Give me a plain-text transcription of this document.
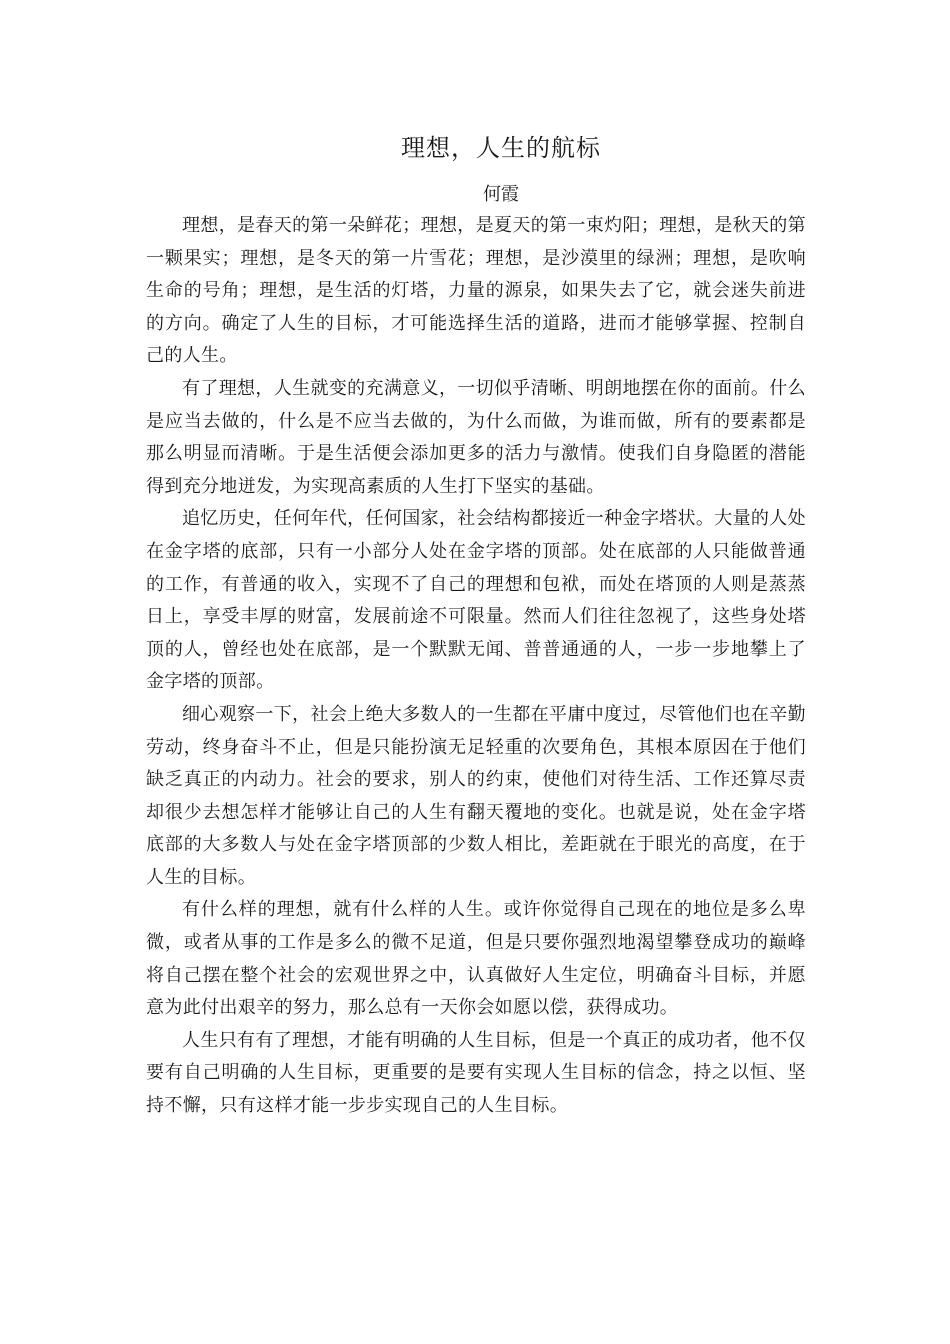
理想，人生的航标
何霞

理想，是春天的第一朵鲜花；理想，是夏天的第一束灼阳；理想，是秋天的第一颗果实；理想，是冬天的第一片雪花；理想，是沙漠里的绿洲；理想，是吹响生命的号角；理想，是生活的灯塔，力量的源泉，如果失去了它，就会迷失前进的方向。确定了人生的目标，才可能选择生活的道路，进而才能够掌握、控制自己的人生。

有了理想，人生就变的充满意义，一切似乎清晰、明朗地摆在你的面前。什么是应当去做的，什么是不应当去做的，为什么而做，为谁而做，所有的要素都是那么明显而清晰。于是生活便会添加更多的活力与激情。使我们自身隐匿的潜能得到充分地迸发，为实现高素质的人生打下坚实的基础。

追忆历史，任何年代，任何国家，社会结构都接近一种金字塔状。大量的人处在金字塔的底部，只有一小部分人处在金字塔的顶部。处在底部的人只能做普通的工作，有普通的收入，实现不了自己的理想和包袱，而处在塔顶的人则是蒸蒸日上，享受丰厚的财富，发展前途不可限量。然而人们往往忽视了，这些身处塔顶的人，曾经也处在底部，是一个默默无闻、普普通通的人，一步一步地攀上了金字塔的顶部。

细心观察一下，社会上绝大多数人的一生都在平庸中度过，尽管他们也在辛勤劳动，终身奋斗不止，但是只能扮演无足轻重的次要角色，其根本原因在于他们缺乏真正的内动力。社会的要求，别人的约束，使他们对待生活、工作还算尽责却很少去想怎样才能够让自己的人生有翻天覆地的变化。也就是说，处在金字塔底部的大多数人与处在金字塔顶部的少数人相比，差距就在于眼光的高度，在于人生的目标。

有什么样的理想，就有什么样的人生。或许你觉得自己现在的地位是多么卑微，或者从事的工作是多么的微不足道，但是只要你强烈地渴望攀登成功的巅峰将自己摆在整个社会的宏观世界之中，认真做好人生定位，明确奋斗目标，并愿意为此付出艰辛的努力，那么总有一天你会如愿以偿，获得成功。

人生只有有了理想，才能有明确的人生目标，但是一个真正的成功者，他不仅要有自己明确的人生目标，更重要的是要有实现人生目标的信念，持之以恒、坚持不懈，只有这样才能一步步实现自己的人生目标。
